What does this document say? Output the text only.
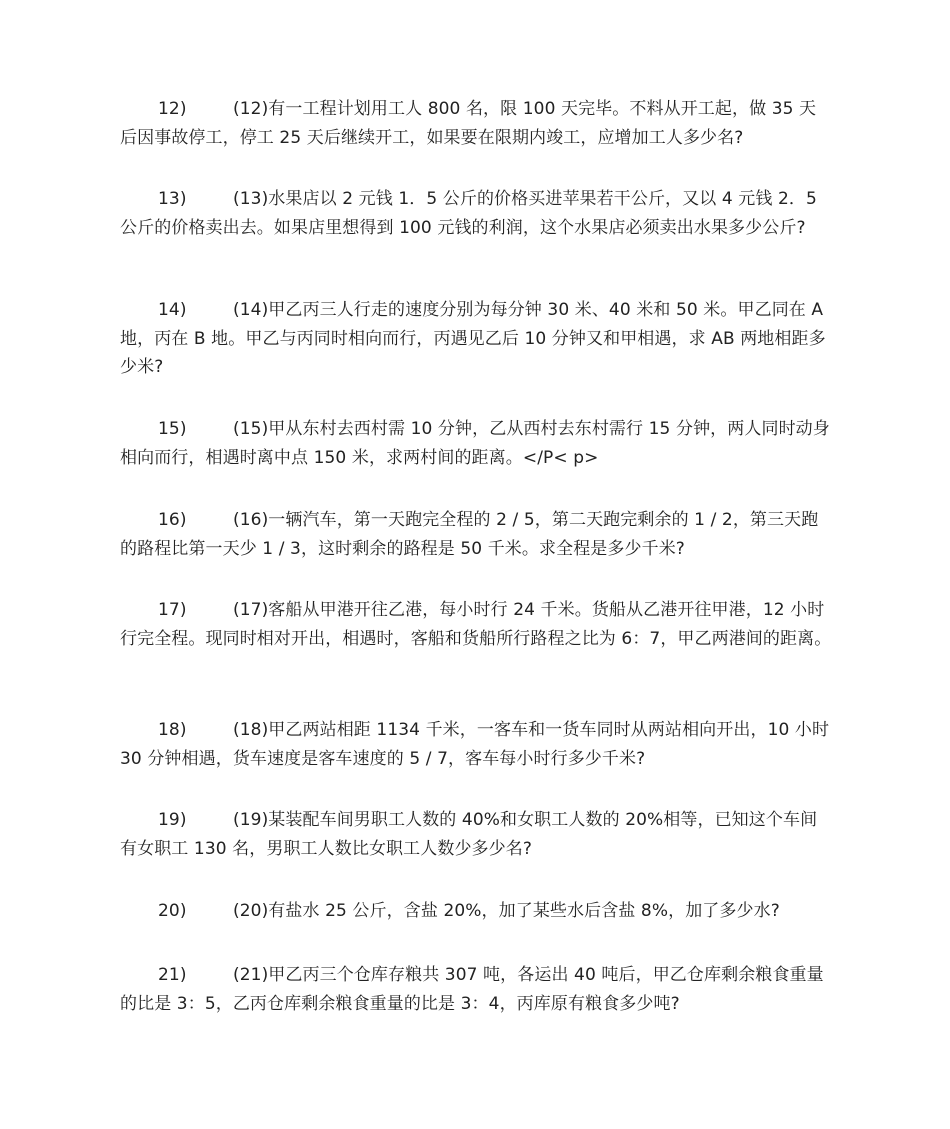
12)	(12)有一工程计划用工人 800 名，限 100 天完毕。不料从开工起，做 35 天后因事故停工，停工 25 天后继续开工，如果要在限期内竣工，应增加工人多少名?
13)	(13)水果店以 2 元钱 1．5 公斤的价格买进苹果若干公斤，又以 4 元钱 2．5 公斤的价格卖出去。如果店里想得到 100 元钱的利润，这个水果店必须卖出水果多少公斤?
14)	(14)甲乙丙三人行走的速度分别为每分钟 30 米、40 米和 50 米。甲乙同在 A 地，丙在 B 地。甲乙与丙同时相向而行，丙遇见乙后 10 分钟又和甲相遇，求 AB 两地相距多少米?
15)	(15)甲从东村去西村需 10 分钟，乙从西村去东村需行 15 分钟，两人同时动身相向而行，相遇时离中点 150 米，求两村间的距离。</P< p>
16)	(16)一辆汽车，第一天跑完全程的 2 / 5，第二天跑完剩余的 1 / 2，第三天跑的路程比第一天少 1 / 3，这时剩余的路程是 50 千米。求全程是多少千米?
17)	(17)客船从甲港开往乙港，每小时行 24 千米。货船从乙港开往甲港，12 小时行完全程。现同时相对开出，相遇时，客船和货船所行路程之比为 6：7，甲乙两港间的距离。
18)	(18)甲乙两站相距 1134 千米，一客车和一货车同时从两站相向开出，10 小时 30 分钟相遇，货车速度是客车速度的 5 / 7，客车每小时行多少千米?
19)	(19)某装配车间男职工人数的 40%和女职工人数的 20%相等，已知这个车间有女职工 130 名，男职工人数比女职工人数少多少名?
20)	(20)有盐水 25 公斤，含盐 20%，加了某些水后含盐 8%，加了多少水?
21)	(21)甲乙丙三个仓库存粮共 307 吨，各运出 40 吨后，甲乙仓库剩余粮食重量的比是 3：5，乙丙仓库剩余粮食重量的比是 3：4，丙库原有粮食多少吨?
